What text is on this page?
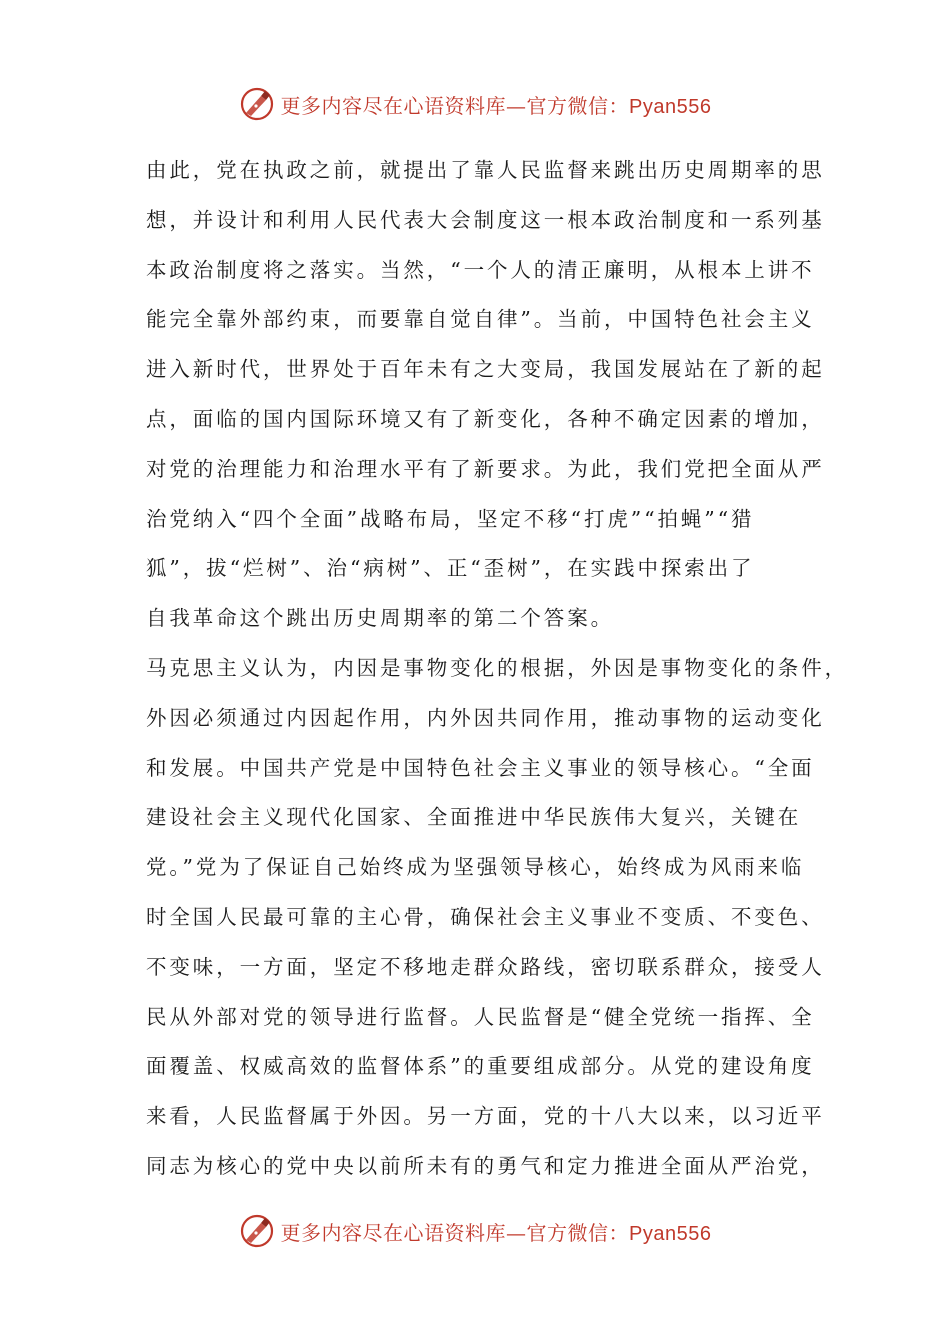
更多内容尽在心语资料库—官方微信：Pyan556
由此，党在执政之前，就提出了靠人民监督来跳出历史周期率的思
想，并设计和利用人民代表大会制度这一根本政治制度和一系列基
本政治制度将之落实。当然，“一个人的清正廉明，从根本上讲不
能完全靠外部约束，而要靠自觉自律”。当前，中国特色社会主义
进入新时代，世界处于百年未有之大变局，我国发展站在了新的起
点，面临的国内国际环境又有了新变化，各种不确定因素的增加，
对党的治理能力和治理水平有了新要求。为此，我们党把全面从严
治党纳入“四个全面”战略布局，坚定不移“打虎”“拍蝇”“猎
狐”，拔“烂树”、治“病树”、正“歪树”，在实践中探索出了
自我革命这个跳出历史周期率的第二个答案。
马克思主义认为，内因是事物变化的根据，外因是事物变化的条件，
外因必须通过内因起作用，内外因共同作用，推动事物的运动变化
和发展。中国共产党是中国特色社会主义事业的领导核心。“全面
建设社会主义现代化国家、全面推进中华民族伟大复兴，关键在
党。”党为了保证自己始终成为坚强领导核心，始终成为风雨来临
时全国人民最可靠的主心骨，确保社会主义事业不变质、不变色、
不变味，一方面，坚定不移地走群众路线，密切联系群众，接受人
民从外部对党的领导进行监督。人民监督是“健全党统一指挥、全
面覆盖、权威高效的监督体系”的重要组成部分。从党的建设角度
来看，人民监督属于外因。另一方面，党的十八大以来，以习近平
同志为核心的党中央以前所未有的勇气和定力推进全面从严治党，
更多内容尽在心语资料库—官方微信：Pyan556
